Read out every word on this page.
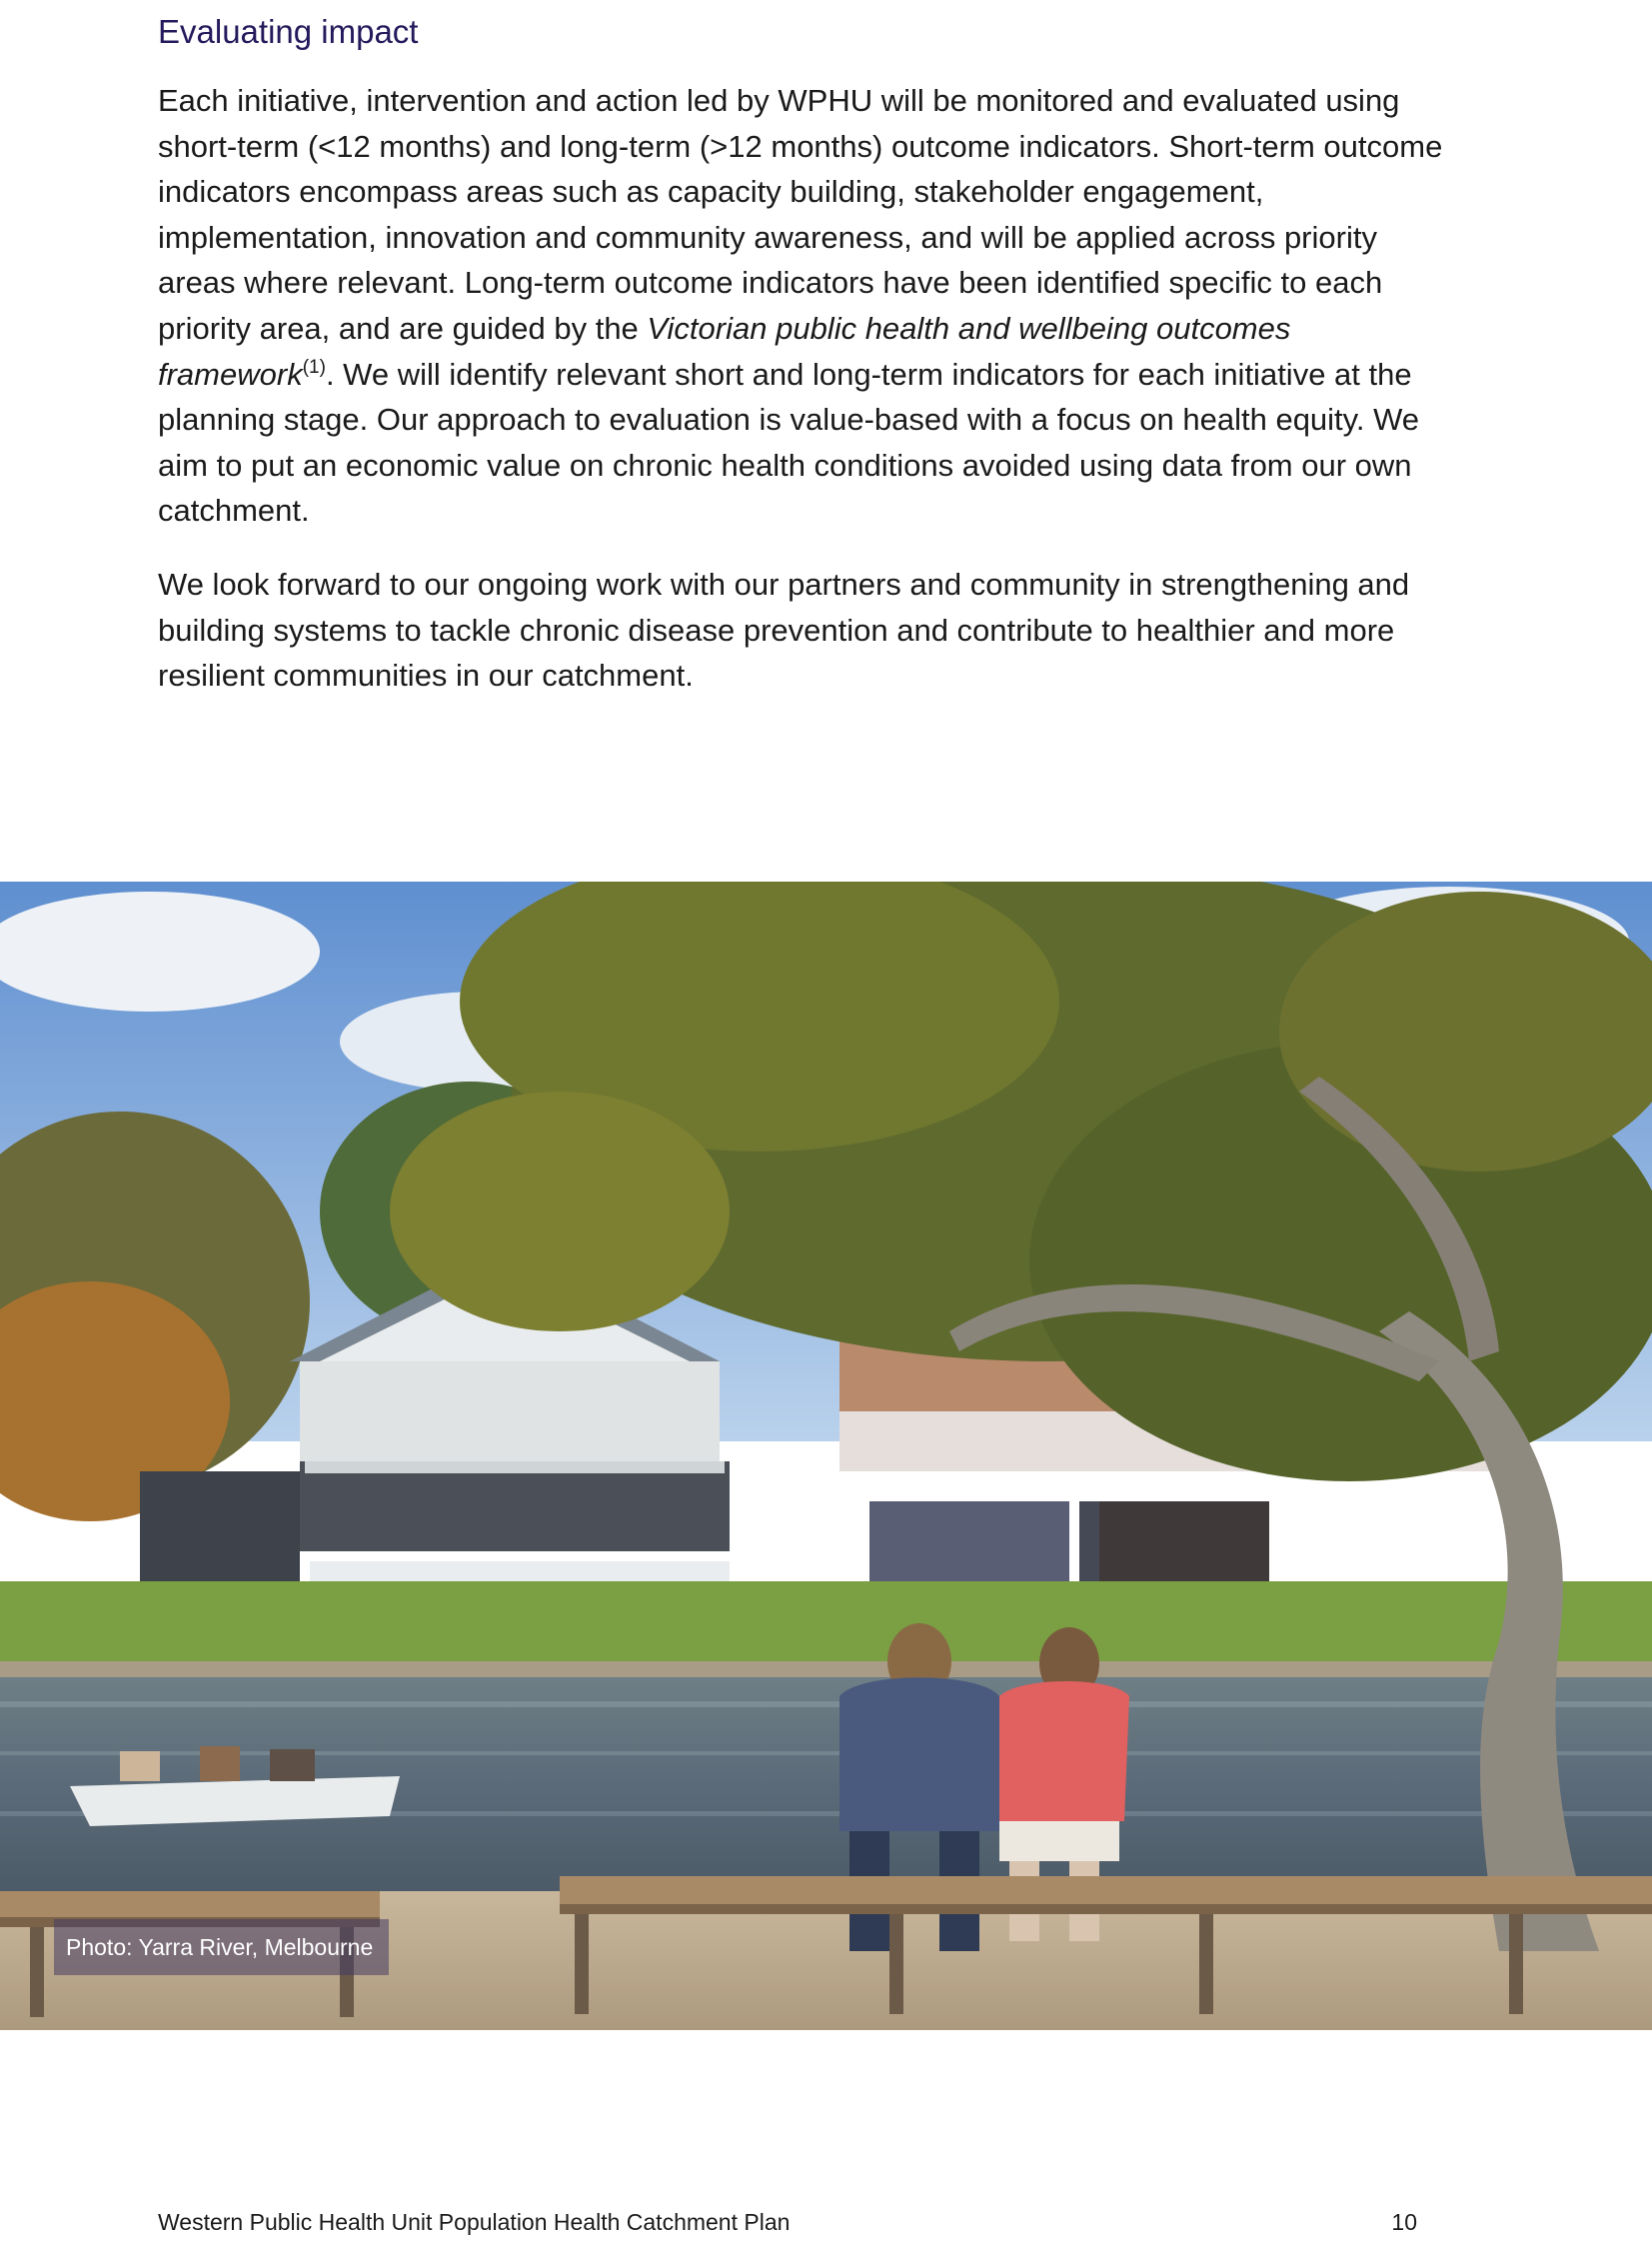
Evaluating impact

Each initiative, intervention and action led by WPHU will be monitored and evaluated using short-term (<12 months) and long-term (>12 months) outcome indicators. Short-term outcome indicators encompass areas such as capacity building, stakeholder engagement, implementation, innovation and community awareness, and will be applied across priority areas where relevant. Long-term outcome indicators have been identified specific to each priority area, and are guided by the Victorian public health and wellbeing outcomes framework$^{(1)}$. We will identify relevant short and long-term indicators for each initiative at the planning stage. Our approach to evaluation is value-based with a focus on health equity. We aim to put an economic value on chronic health conditions avoided using data from our own catchment.

We look forward to our ongoing work with our partners and community in strengthening and building systems to tackle chronic disease prevention and contribute to healthier and more resilient communities in our catchment.

Photo: Yarra River, Melbourne
Western Public Health Unit Population Health Catchment Plan	10
